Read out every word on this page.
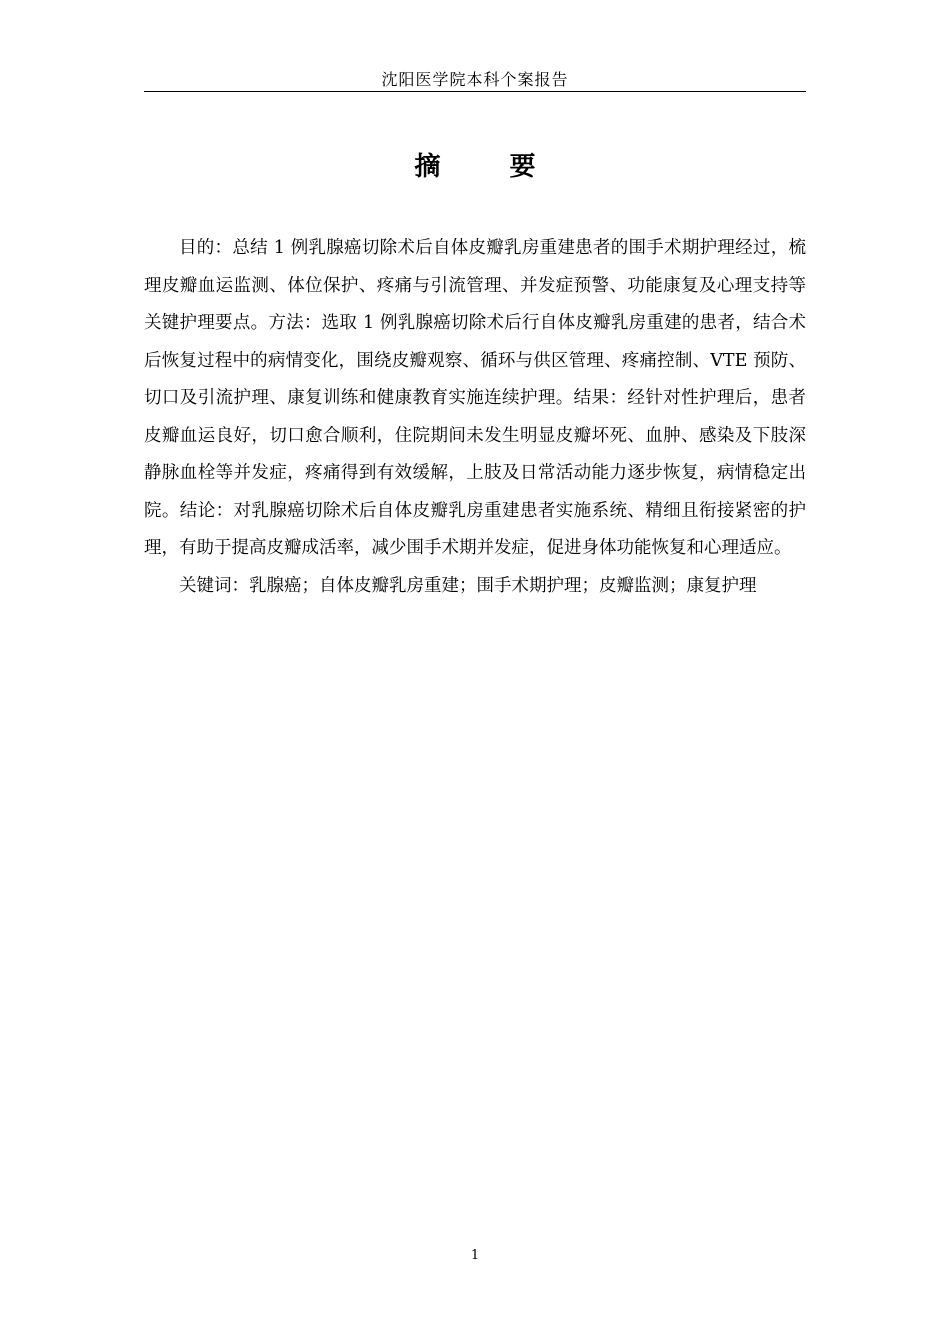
沈阳医学院本科个案报告
摘 要

目的：总结 1 例乳腺癌切除术后自体皮瓣乳房重建患者的围手术期护理经过，梳理皮瓣血运监测、体位保护、疼痛与引流管理、并发症预警、功能康复及心理支持等关键护理要点。方法：选取 1 例乳腺癌切除术后行自体皮瓣乳房重建的患者，结合术后恢复过程中的病情变化，围绕皮瓣观察、循环与供区管理、疼痛控制、VTE 预防、切口及引流护理、康复训练和健康教育实施连续护理。结果：经针对性护理后，患者皮瓣血运良好，切口愈合顺利，住院期间未发生明显皮瓣坏死、血肿、感染及下肢深静脉血栓等并发症，疼痛得到有效缓解，上肢及日常活动能力逐步恢复，病情稳定出院。结论：对乳腺癌切除术后自体皮瓣乳房重建患者实施系统、精细且衔接紧密的护理，有助于提高皮瓣成活率，减少围手术期并发症，促进身体功能恢复和心理适应。

关键词：乳腺癌；自体皮瓣乳房重建；围手术期护理；皮瓣监测；康复护理

1
